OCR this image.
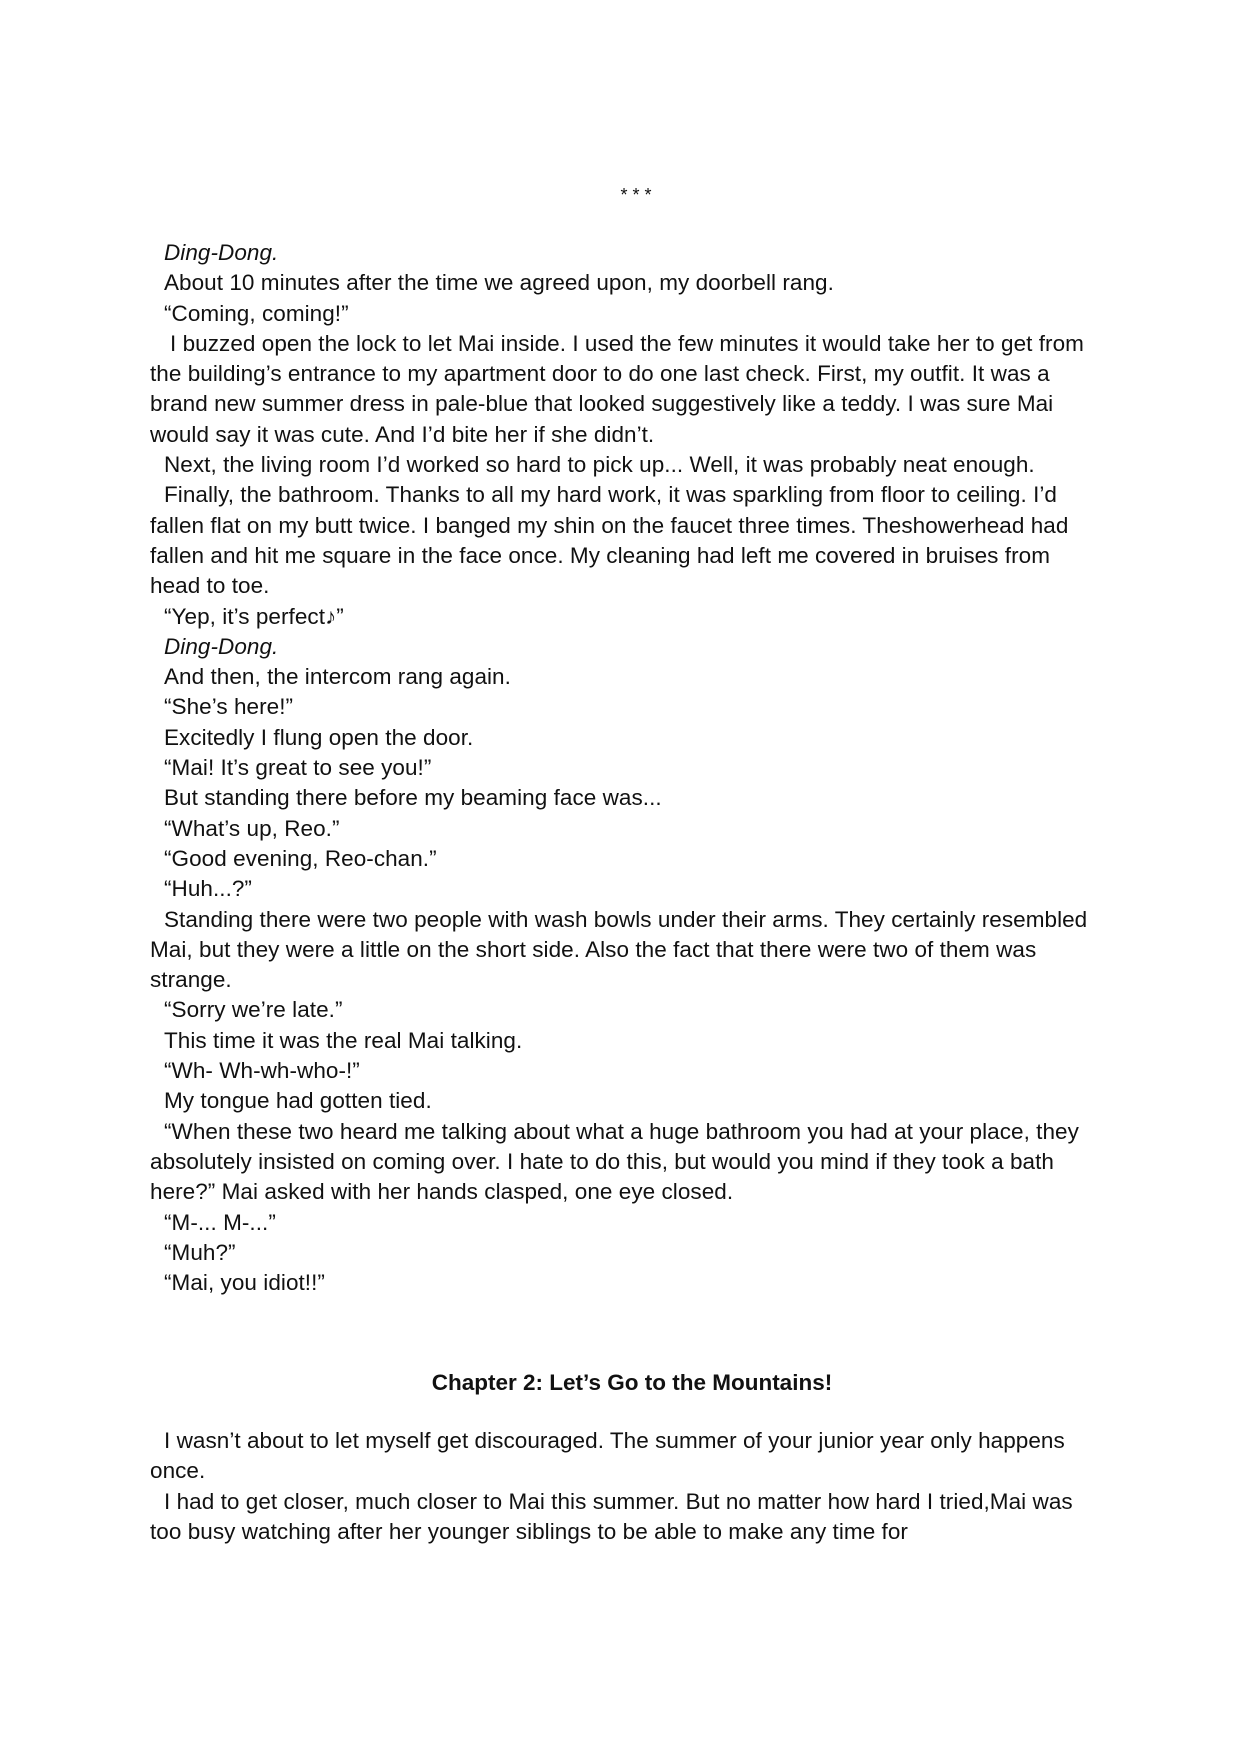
* * *

Ding-Dong.

About 10 minutes after the time we agreed upon, my doorbell rang.

“Coming, coming!”

I buzzed open the lock to let Mai inside. I used the few minutes it would take her to get from the building’s entrance to my apartment door to do one last check. First, my outfit. It was a brand new summer dress in pale-blue that looked suggestively like a teddy. I was sure Mai would say it was cute. And I’d bite her if she didn’t.

Next, the living room I’d worked so hard to pick up... Well, it was probably neat enough.

Finally, the bathroom. Thanks to all my hard work, it was sparkling from floor to ceiling. I’d fallen flat on my butt twice. I banged my shin on the faucet three times. Theshowerhead had fallen and hit me square in the face once. My cleaning had left me covered in bruises from head to toe.

“Yep, it’s perfect♪”

Ding-Dong.

And then, the intercom rang again.

“She’s here!”

Excitedly I flung open the door.

“Mai! It’s great to see you!”

But standing there before my beaming face was...

“What’s up, Reo.”

“Good evening, Reo-chan.”

“Huh...?”

Standing there were two people with wash bowls under their arms. They certainly resembled Mai, but they were a little on the short side. Also the fact that there were two of them was strange.

“Sorry we’re late.”

This time it was the real Mai talking.

“Wh- Wh-wh-who-!”

My tongue had gotten tied.

“When these two heard me talking about what a huge bathroom you had at your place, they absolutely insisted on coming over. I hate to do this, but would you mind if they took a bath here?” Mai asked with her hands clasped, one eye closed.

“M-... M-...”

“Muh?”

“Mai, you idiot!!”

Chapter 2: Let’s Go to the Mountains!

I wasn’t about to let myself get discouraged. The summer of your junior year only happens once.

I had to get closer, much closer to Mai this summer. But no matter how hard I tried,Mai was too busy watching after her younger siblings to be able to make any time for
